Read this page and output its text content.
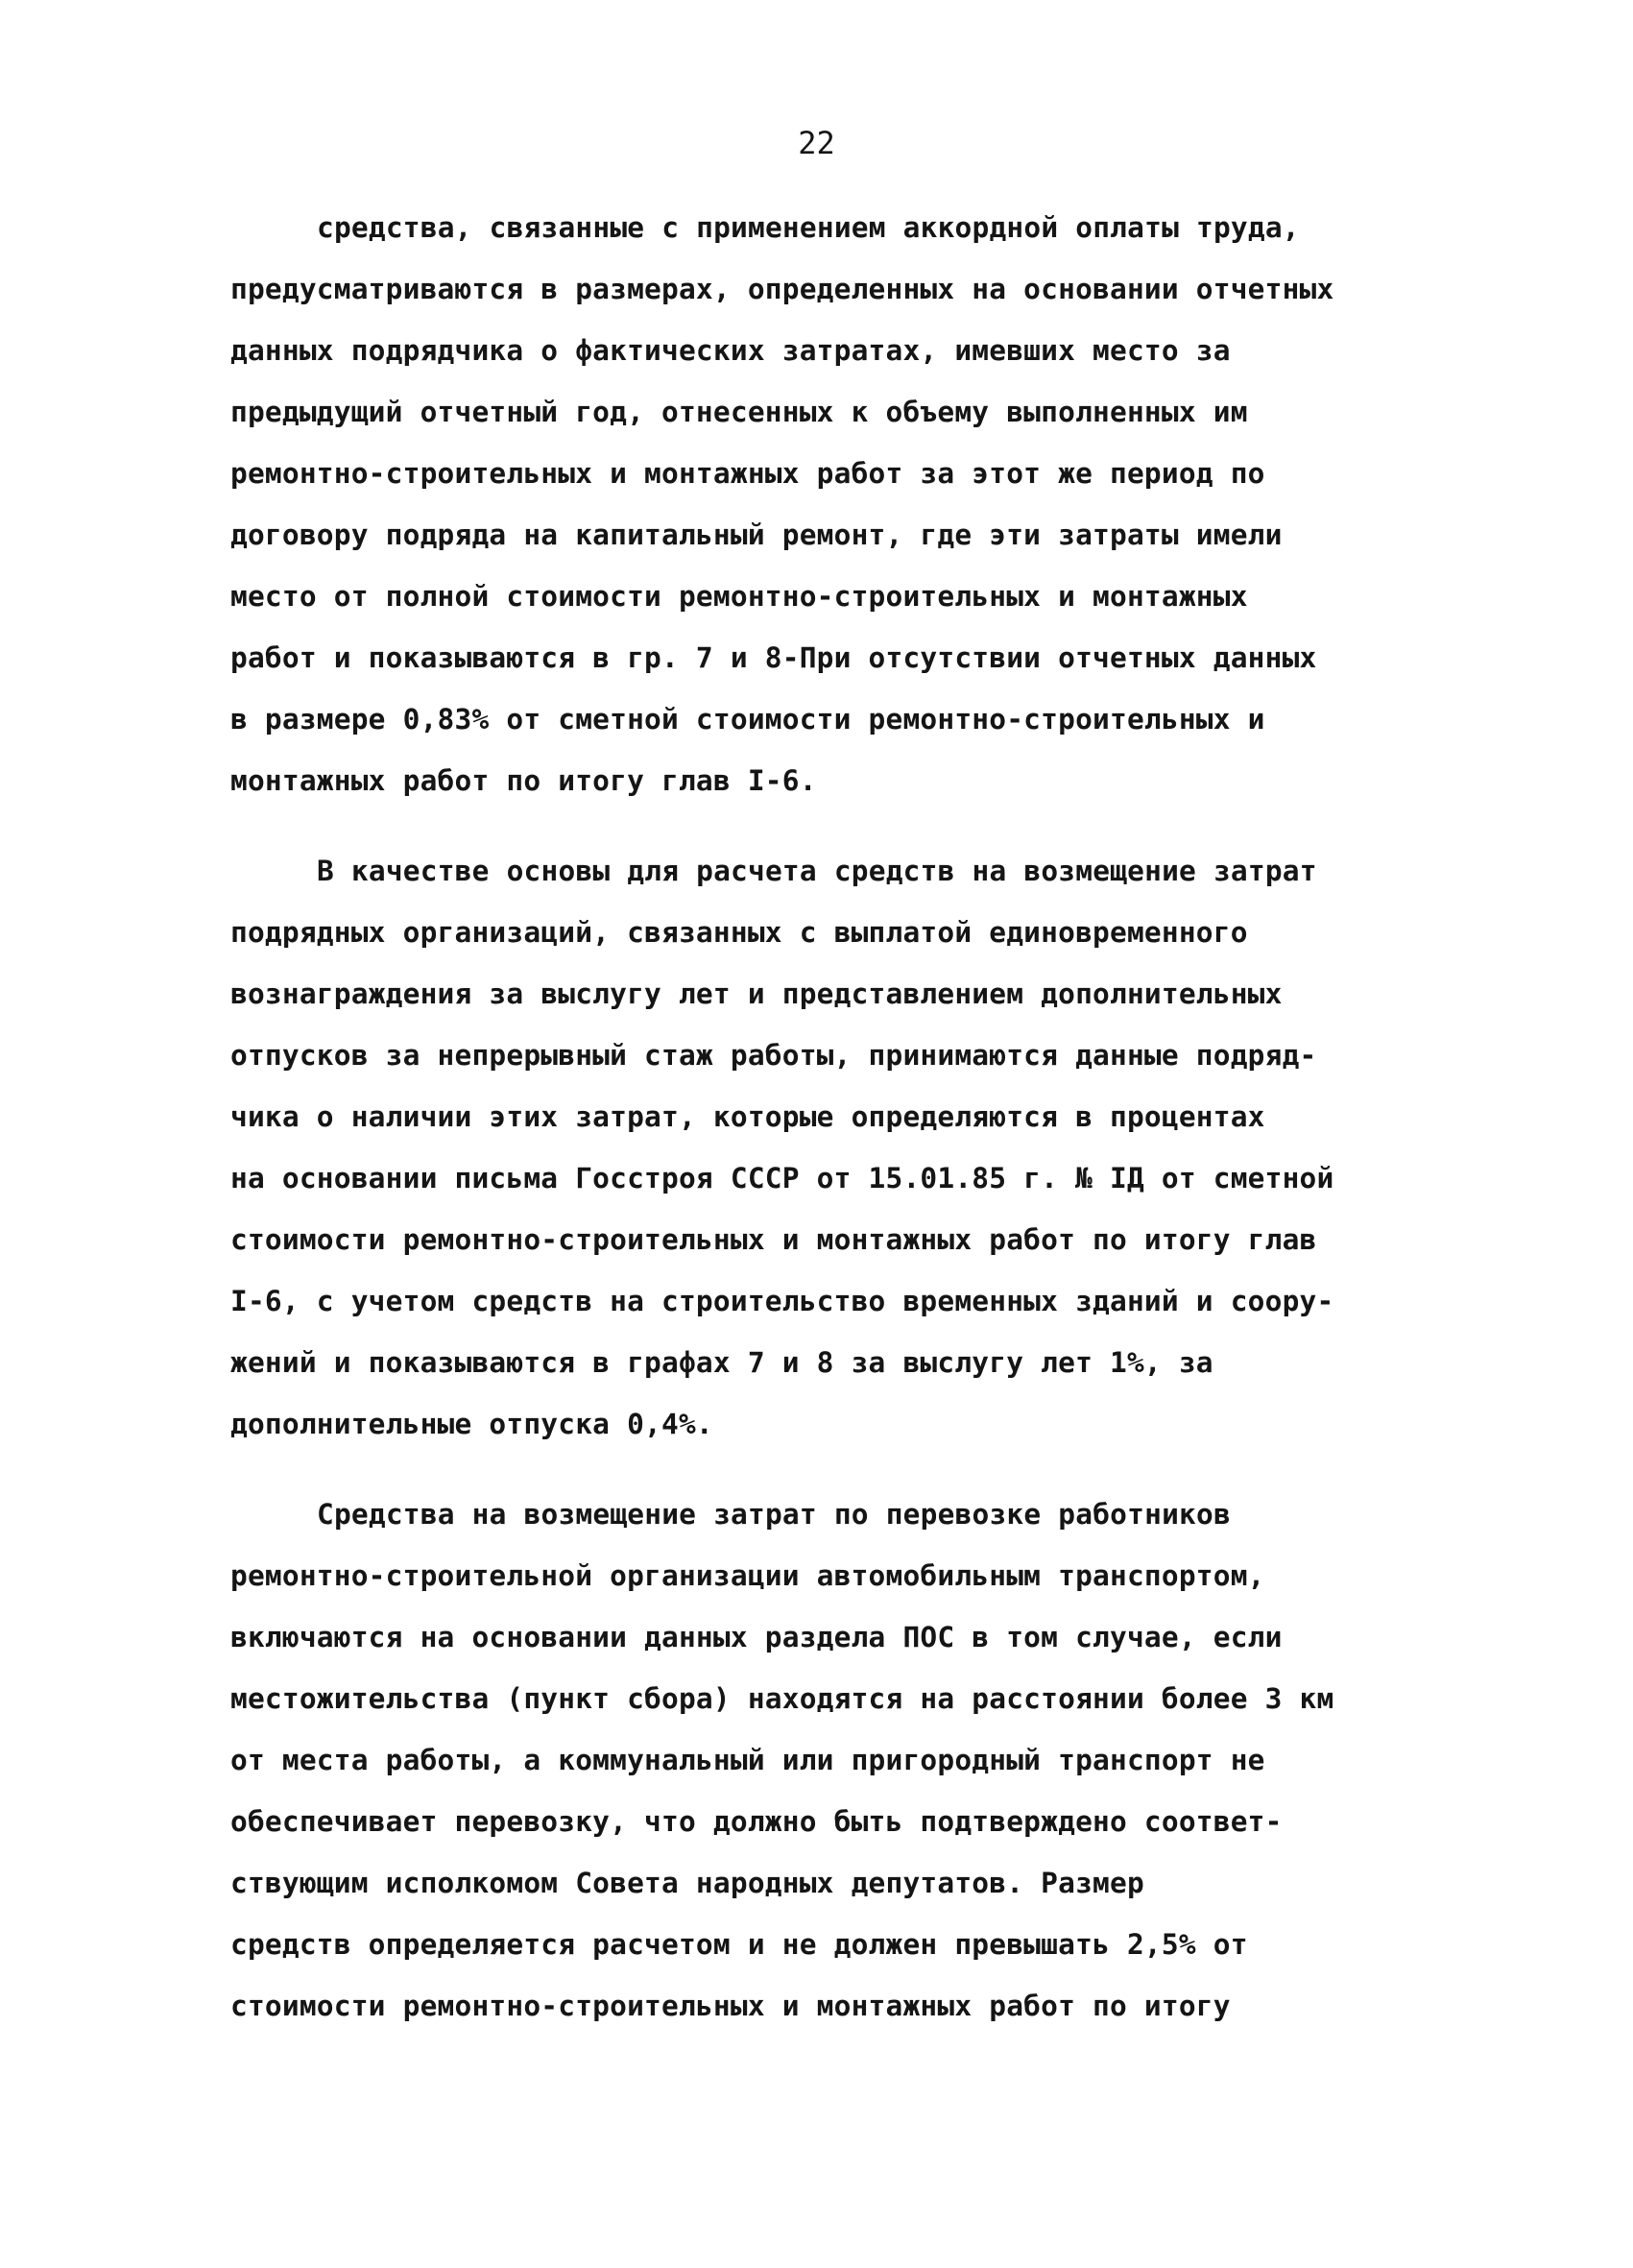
22
средства, связанные с применением аккордной оплаты труда,
предусматриваются в размерах, определенных на основании отчетных
данных подрядчика о фактических затратах, имевших место за
предыдущий отчетный год, отнесенных к объему выполненных им
ремонтно-строительных и монтажных работ за этот же период по
договору подряда на капитальный ремонт, где эти затраты имели
место от полной стоимости ремонтно-строительных и монтажных
работ и показываются в гр. 7 и 8-При отсутствии отчетных данных
в размере 0,83% от сметной стоимости ремонтно-строительных и
монтажных работ по итогу глав I-6.
В качестве основы для расчета средств на возмещение затрат
подрядных организаций, связанных с выплатой единовременного
вознаграждения за выслугу лет и представлением дополнительных
отпусков за непрерывный стаж работы, принимаются данные подряд-
чика о наличии этих затрат, которые определяются в процентах
на основании письма Госстроя СССР от 15.01.85 г. № ІД от сметной
стоимости ремонтно-строительных и монтажных работ по итогу глав
I-6, с учетом средств на строительство временных зданий и соору-
жений и показываются в графах 7 и 8 за выслугу лет 1%, за
дополнительные отпуска 0,4%.
Средства на возмещение затрат по перевозке работников
ремонтно-строительной организации автомобильным транспортом,
включаются на основании данных раздела ПОС в том случае, если
местожительства (пункт сбора) находятся на расстоянии более 3 км
от места работы, а коммунальный или пригородный транспорт не
обеспечивает перевозку, что должно быть подтверждено соответ-
ствующим исполкомом Совета народных депутатов. Размер
средств определяется расчетом и не должен превышать 2,5% от
стоимости ремонтно-строительных и монтажных работ по итогу
